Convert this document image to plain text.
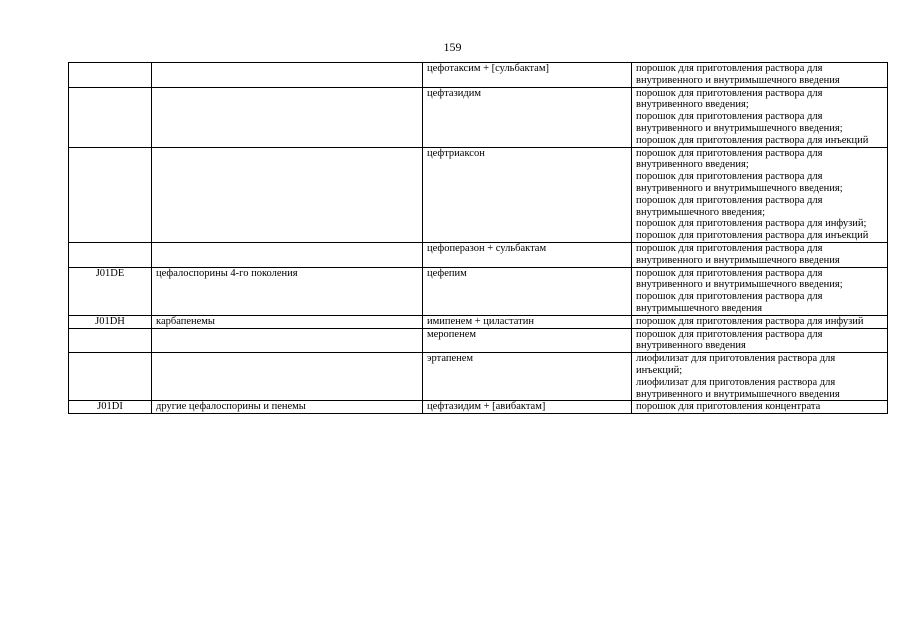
159
		цефотаксим + [сульбактам]	порошок для приготовления раствора для внутривенного и внутримышечного введения

		цефтазидим	порошок для приготовления раствора для внутривенного введения;
порошок для приготовления раствора для внутривенного и внутримышечного введения;
порошок для приготовления раствора для инъекций

		цефтриаксон	порошок для приготовления раствора для внутривенного введения;
порошок для приготовления раствора для внутривенного и внутримышечного введения;
порошок для приготовления раствора для внутримышечного введения;
порошок для приготовления раствора для инфузий;
порошок для приготовления раствора для инъекций

		цефоперазон + сульбактам	порошок для приготовления раствора для внутривенного и внутримышечного введения

J01DE	цефалоспорины 4-го поколения	цефепим	порошок для приготовления раствора для внутривенного и внутримышечного введения;
порошок для приготовления раствора для внутримышечного введения

J01DH	карбапенемы	имипенем + циластатин	порошок для приготовления раствора для инфузий

		меропенем	порошок для приготовления раствора для внутривенного введения

		эртапенем	лиофилизат для приготовления раствора для инъекций;
лиофилизат для приготовления раствора для внутривенного и внутримышечного введения

J01DI	другие цефалоспорины и пенемы	цефтазидим + [авибактам]	порошок для приготовления концентрата
